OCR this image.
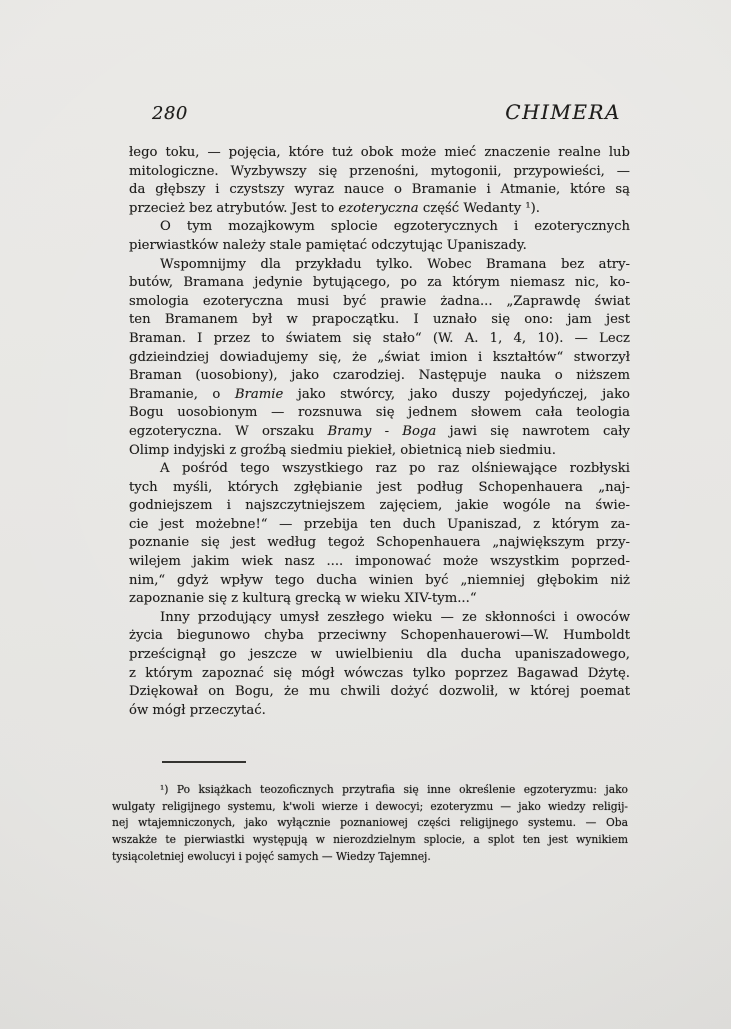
280	CHIMERA
łego toku, — pojęcia, które tuż obok może mieć znaczenie realne lub
mitologiczne. Wyzbywszy się przenośni, mytogonii, przypowieści, —
da głębszy i czystszy wyraz nauce o Bramanie i Atmanie, które są
przecież bez atrybutów. Jest to ezoteryczna część Wedanty ¹).
O tym mozajkowym splocie egzoterycznych i ezoterycznych
pierwiastków należy stale pamiętać odczytując Upaniszady.
Wspomnijmy dla przykładu tylko. Wobec Bramana bez atry-
butów, Bramana jedynie bytującego, po za którym niemasz nic, ko-
smologia ezoteryczna musi być prawie żadna... „Zaprawdę świat
ten Bramanem był w prapoczątku. I uznało się ono: jam jest
Braman. I przez to światem się stało“ (W. A. 1, 4, 10). — Lecz
gdzieindziej dowiadujemy się, że „świat imion i kształtów“ stworzył
Braman (uosobiony), jako czarodziej. Następuje nauka o niższem
Bramanie, o Bramie jako stwórcy, jako duszy pojedyńczej, jako
Bogu uosobionym — rozsnuwa się jednem słowem cała teologia
egzoteryczna. W orszaku Bramy - Boga jawi się nawrotem cały
Olimp indyjski z groźbą siedmiu piekieł, obietnicą nieb siedmiu.
A pośród tego wszystkiego raz po raz olśniewające rozbłyski
tych myśli, których zgłębianie jest podług Schopenhauera „naj-
godniejszem i najszczytniejszem zajęciem, jakie wogóle na świe-
cie jest możebne!“ — przebija ten duch Upaniszad, z którym za-
poznanie się jest według tegoż Schopenhauera „największym przy-
wilejem jakim wiek nasz .... imponować może wszystkim poprzed-
nim,“ gdyż wpływ tego ducha winien być „niemniej głębokim niż
zapoznanie się z kulturą grecką w wieku XIV-tym...“
Inny przodujący umysł zeszłego wieku — ze skłonności i owoców
życia biegunowo chyba przeciwny Schopenhauerowi—W. Humboldt
prześcignął go jeszcze w uwielbieniu dla ducha upaniszadowego,
z którym zapoznać się mógł wówczas tylko poprzez Bagawad Dżytę.
Dziękował on Bogu, że mu chwili dożyć dozwolił, w której poemat
ów mógł przeczytać.
¹) Po książkach teozoficznych przytrafia się inne określenie egzoteryzmu: jako
wulgaty religijnego systemu, k'woli wierze i dewocyi; ezoteryzmu — jako wiedzy religij-
nej wtajemniczonych, jako wyłącznie poznaniowej części religijnego systemu. — Oba
wszakże te pierwiastki występują w nierozdzielnym splocie, a splot ten jest wynikiem
tysiącoletniej ewolucyi i pojęć samych — Wiedzy Tajemnej.
